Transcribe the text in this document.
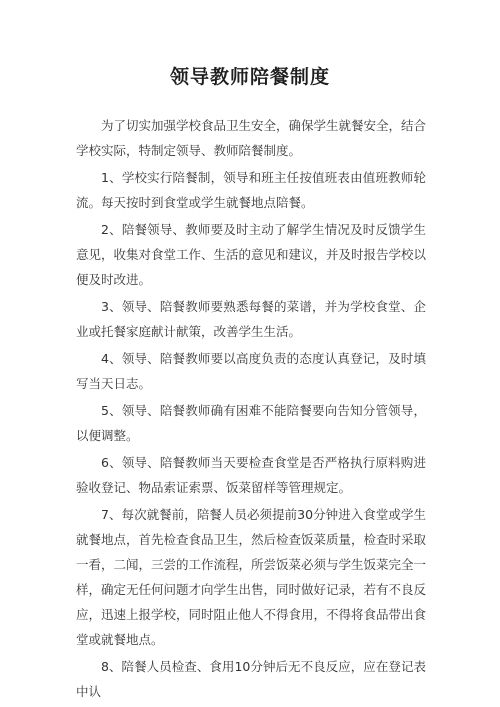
领导教师陪餐制度

为了切实加强学校食品卫生安全，确保学生就餐安全，结合学校实际，特制定领导、教师陪餐制度。

1、学校实行陪餐制，领导和班主任按值班表由值班教师轮流。每天按时到食堂或学生就餐地点陪餐。

2、陪餐领导、教师要及时主动了解学生情况及时反馈学生意见，收集对食堂工作、生活的意见和建议，并及时报告学校以便及时改进。

3、领导、陪餐教师要熟悉每餐的菜谱，并为学校食堂、企业或托餐家庭献计献策，改善学生生活。

4、领导、陪餐教师要以高度负责的态度认真登记，及时填写当天日志。

5、领导、陪餐教师确有困难不能陪餐要向告知分管领导，以便调整。

6、领导、陪餐教师当天要检查食堂是否严格执行原料购进验收登记、物品索证索票、饭菜留样等管理规定。

7、每次就餐前，陪餐人员必须提前30分钟进入食堂或学生就餐地点，首先检查食品卫生，然后检查饭菜质量，检查时采取一看，二闻，三尝的工作流程，所尝饭菜必须与学生饭菜完全一样，确定无任何问题才向学生出售，同时做好记录，若有不良反应，迅速上报学校，同时阻止他人不得食用，不得将食品带出食堂或就餐地点。

8、陪餐人员检查、食用10分钟后无不良反应，应在登记表中认
